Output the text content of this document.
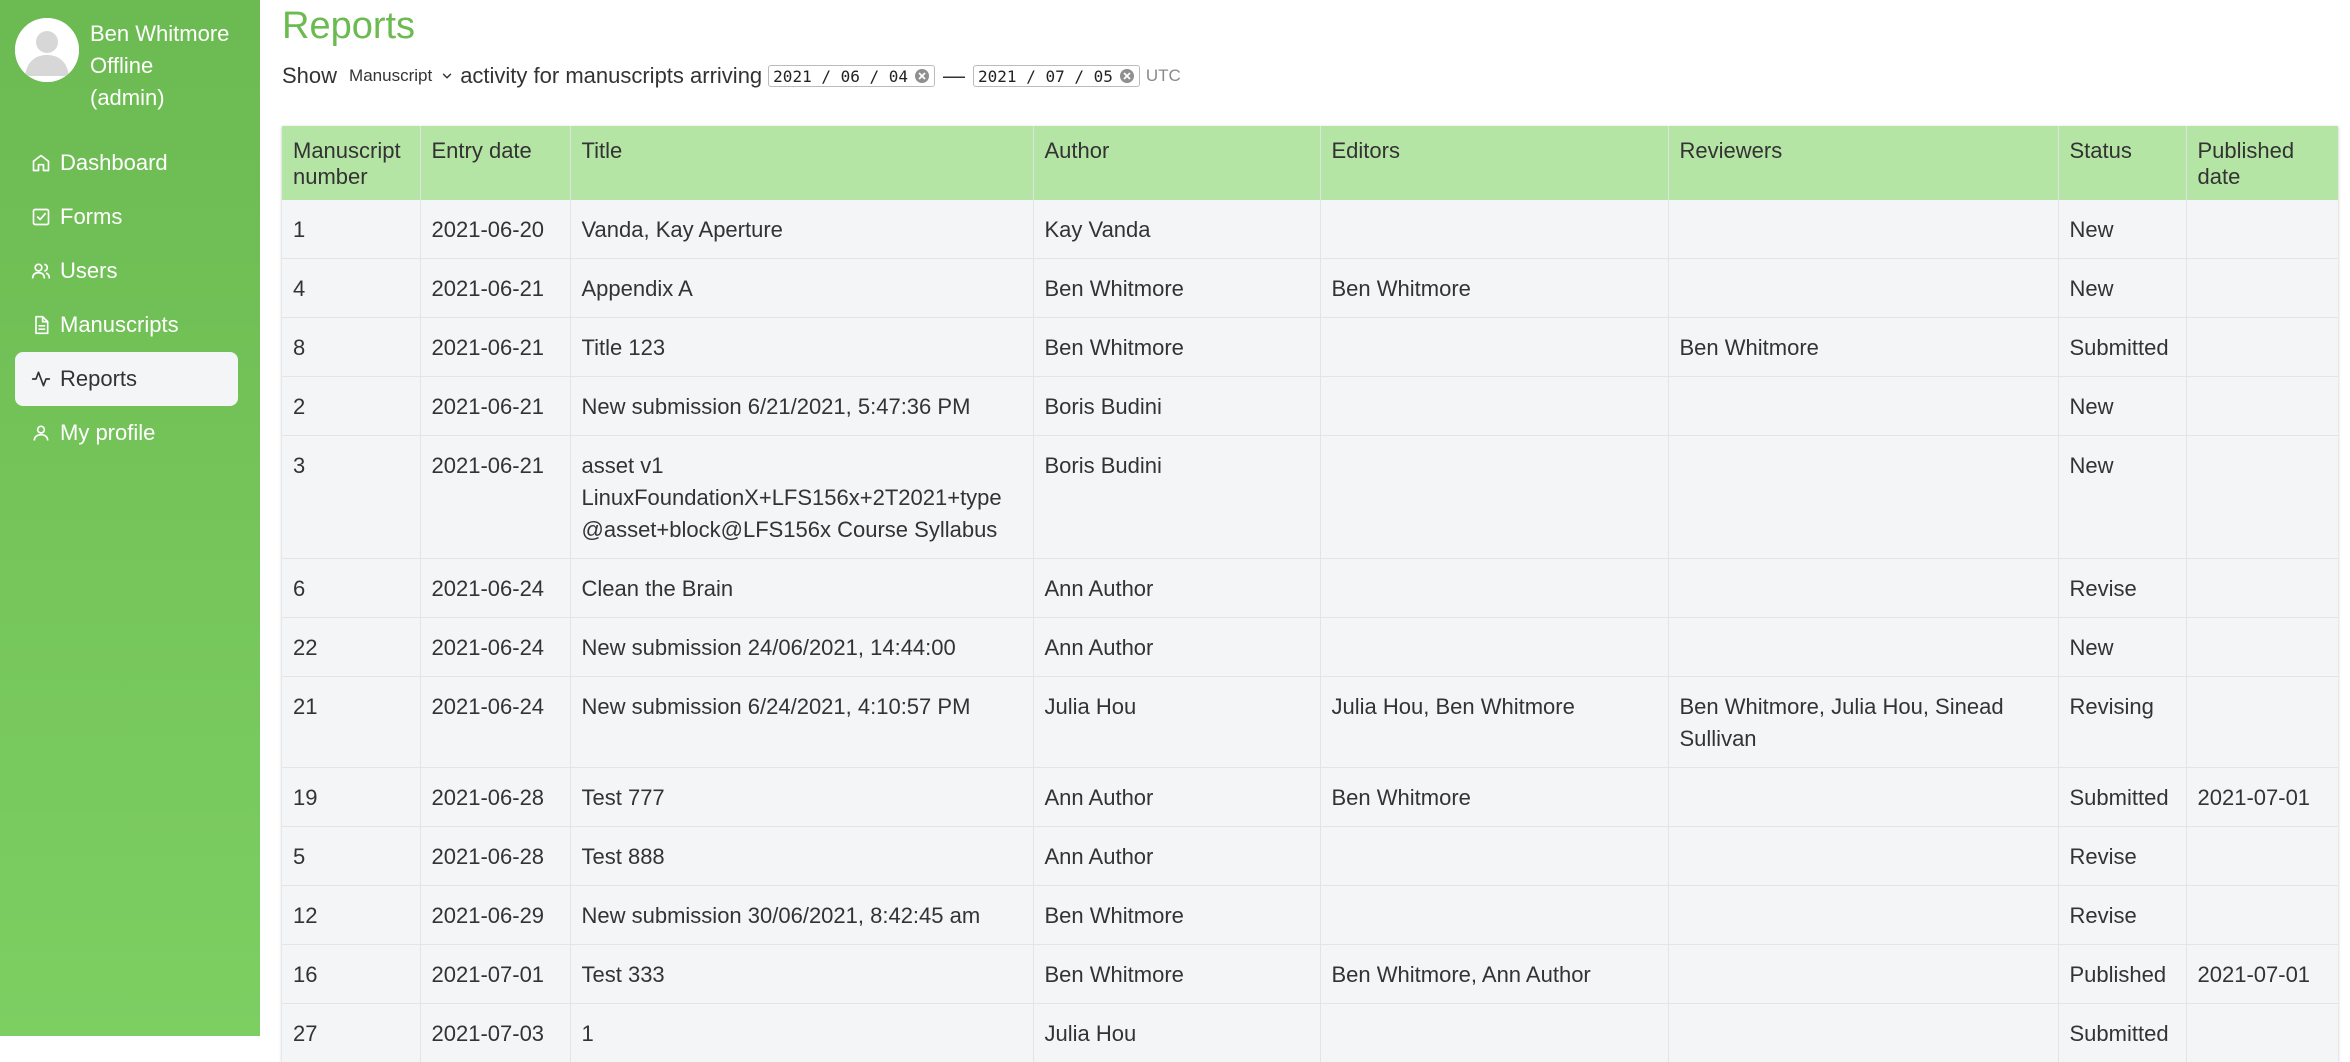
Ben Whitmore
Offline
(admin)
Dashboard
Forms
Users
Manuscripts
Reports
My profile
Reports
Show Manuscript activity for manuscripts arriving 2021 / 06 / 04 — 2021 / 07 / 05 UTC
Manuscript number	Entry date	Title	Author	Editors	Reviewers	Status	Published date
1	2021-06-20	Vanda, Kay Aperture	Kay Vanda			New	
4	2021-06-21	Appendix A	Ben Whitmore	Ben Whitmore		New	
8	2021-06-21	Title 123	Ben Whitmore		Ben Whitmore	Submitted	
2	2021-06-21	New submission 6/21/2021, 5:47:36 PM	Boris Budini			New	
3	2021-06-21	asset v1 LinuxFoundationX+LFS156x+2T2021+type @asset+block@LFS156x Course Syllabus	Boris Budini			New	
6	2021-06-24	Clean the Brain	Ann Author			Revise	
22	2021-06-24	New submission 24/06/2021, 14:44:00	Ann Author			New	
21	2021-06-24	New submission 6/24/2021, 4:10:57 PM	Julia Hou	Julia Hou, Ben Whitmore	Ben Whitmore, Julia Hou, Sinead Sullivan	Revising	
19	2021-06-28	Test 777	Ann Author	Ben Whitmore		Submitted	2021-07-01
5	2021-06-28	Test 888	Ann Author			Revise	
12	2021-06-29	New submission 30/06/2021, 8:42:45 am	Ben Whitmore			Revise	
16	2021-07-01	Test 333	Ben Whitmore	Ben Whitmore, Ann Author		Published	2021-07-01
27	2021-07-03	1	Julia Hou			Submitted	
